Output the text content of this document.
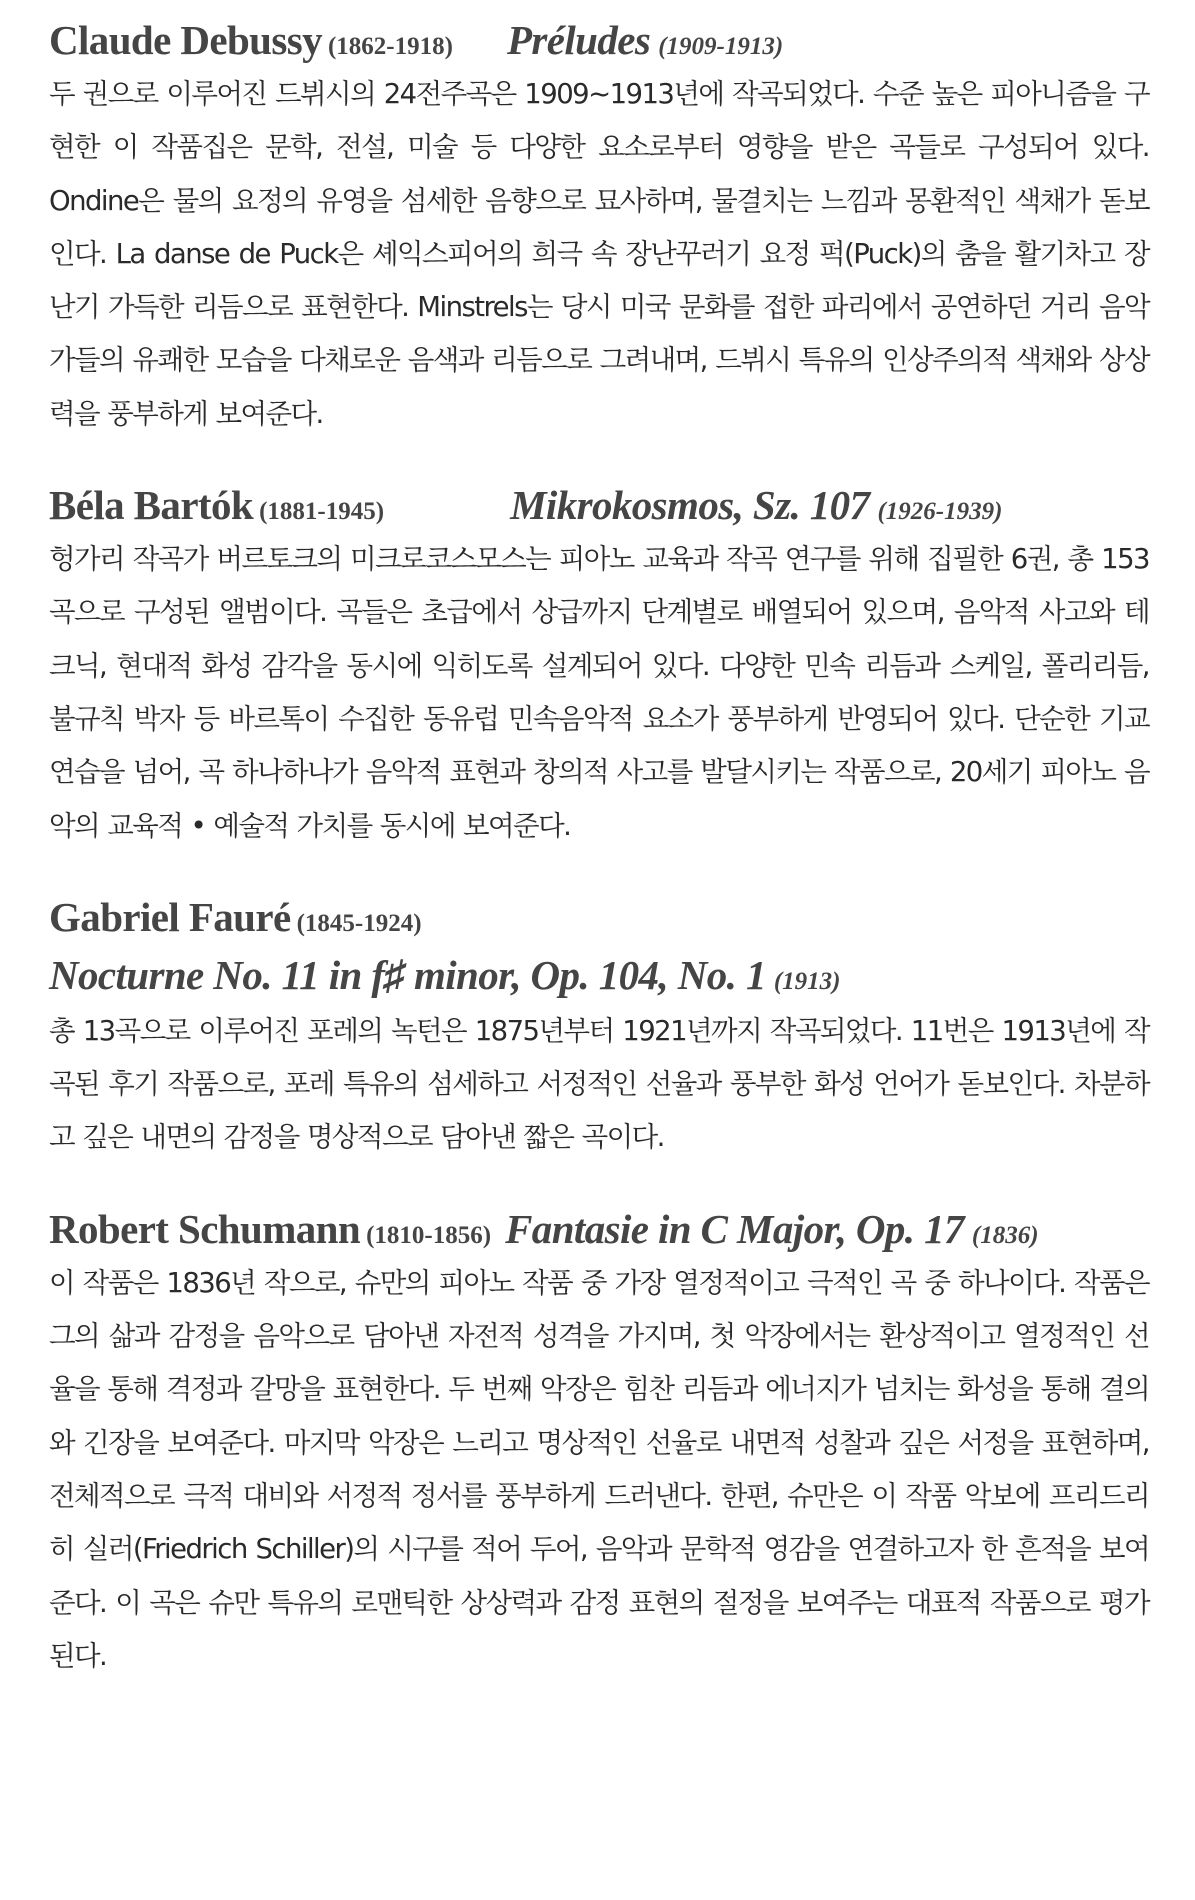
Claude Debussy (1862-1918) Préludes (1909-1913)

두 권으로 이루어진 드뷔시의 24전주곡은 1909~1913년에 작곡되었다. 수준 높은 피아니즘을 구현한 이 작품집은 문학, 전설, 미술 등 다양한 요소로부터 영향을 받은 곡들로 구성되어 있다. Ondine은 물의 요정의 유영을 섬세한 음향으로 묘사하며, 물결치는 느낌과 몽환적인 색채가 돋보인다. La danse de Puck은 셰익스피어의 희극 속 장난꾸러기 요정 퍽(Puck)의 춤을 활기차고 장난기 가득한 리듬으로 표현한다. Minstrels는 당시 미국 문화를 접한 파리에서 공연하던 거리 음악가들의 유쾌한 모습을 다채로운 음색과 리듬으로 그려내며, 드뷔시 특유의 인상주의적 색채와 상상력을 풍부하게 보여준다.

Béla Bartók (1881-1945)	Mikrokosmos, Sz. 107 (1926-1939)

헝가리 작곡가 버르토크의 미크로코스모스는 피아노 교육과 작곡 연구를 위해 집필한 6권, 총 153곡으로 구성된 앨범이다. 곡들은 초급에서 상급까지 단계별로 배열되어 있으며, 음악적 사고와 테크닉, 현대적 화성 감각을 동시에 익히도록 설계되어 있다. 다양한 민속 리듬과 스케일, 폴리리듬, 불규칙 박자 등 바르톡이 수집한 동유럽 민속음악적 요소가 풍부하게 반영되어 있다. 단순한 기교 연습을 넘어, 곡 하나하나가 음악적 표현과 창의적 사고를 발달시키는 작품으로, 20세기 피아노 음악의 교육적 • 예술적 가치를 동시에 보여준다.

Gabriel Fauré (1845-1924)
Nocturne No. 11 in f♯ minor, Op. 104, No. 1 (1913)

총 13곡으로 이루어진 포레의 녹턴은 1875년부터 1921년까지 작곡되었다. 11번은 1913년에 작곡된 후기 작품으로, 포레 특유의 섬세하고 서정적인 선율과 풍부한 화성 언어가 돋보인다. 차분하고 깊은 내면의 감정을 명상적으로 담아낸 짧은 곡이다.

Robert Schumann (1810-1856) Fantasie in C Major, Op. 17 (1836)

이 작품은 1836년 작으로, 슈만의 피아노 작품 중 가장 열정적이고 극적인 곡 중 하나이다. 작품은 그의 삶과 감정을 음악으로 담아낸 자전적 성격을 가지며, 첫 악장에서는 환상적이고 열정적인 선율을 통해 격정과 갈망을 표현한다. 두 번째 악장은 힘찬 리듬과 에너지가 넘치는 화성을 통해 결의와 긴장을 보여준다. 마지막 악장은 느리고 명상적인 선율로 내면적 성찰과 깊은 서정을 표현하며, 전체적으로 극적 대비와 서정적 정서를 풍부하게 드러낸다. 한편, 슈만은 이 작품 악보에 프리드리히 실러(Friedrich Schiller)의 시구를 적어 두어, 음악과 문학적 영감을 연결하고자 한 흔적을 보여준다. 이 곡은 슈만 특유의 로맨틱한 상상력과 감정 표현의 절정을 보여주는 대표적 작품으로 평가된다.
